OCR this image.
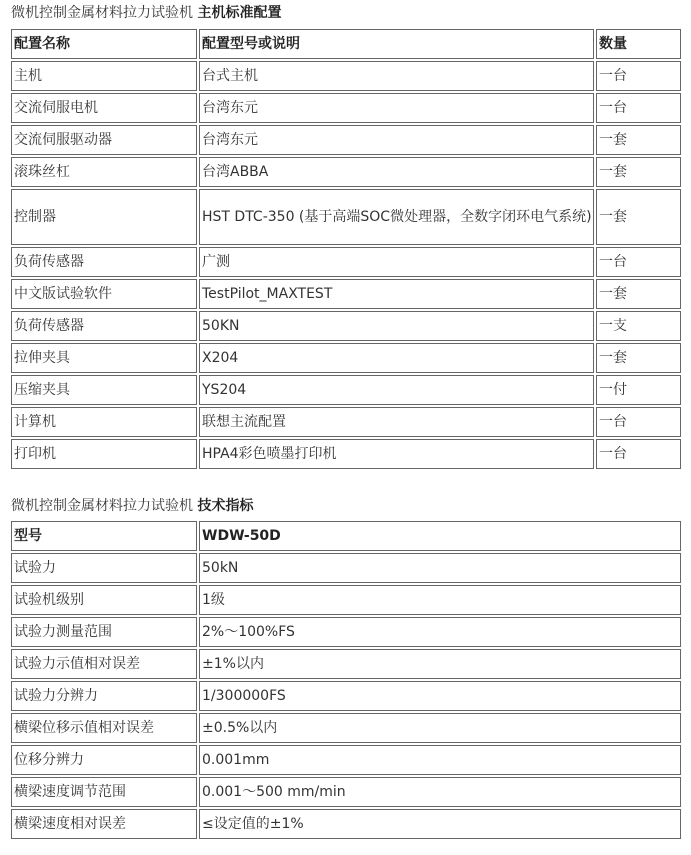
微机控制金属材料拉力试验机 主机标准配置
配置名称	配置型号或说明	数量
主机	台式主机	一台
交流伺服电机	台湾东元	一台
交流伺服驱动器	台湾东元	一套
滚珠丝杠	台湾ABBA	一套
控制器	HST DTC-350 (基于高端SOC微处理器，全数字闭环电气系统)	一套
负荷传感器	广测	一台
中文版试验软件	TestPilot_MAXTEST	一套
负荷传感器	50KN	一支
拉伸夹具	X204	一套
压缩夹具	YS204	一付
计算机	联想主流配置	一台
打印机	HPA4彩色喷墨打印机	一台
微机控制金属材料拉力试验机 技术指标
型号	WDW-50D
试验力	50kN
试验机级别	1级
试验力测量范围	2%～100%FS
试验力示值相对误差	±1%以内
试验力分辨力	1/300000FS
横梁位移示值相对误差	±0.5%以内
位移分辨力	0.001mm
横梁速度调节范围	0.001～500 mm/min
横梁速度相对误差	≤设定值的±1%
